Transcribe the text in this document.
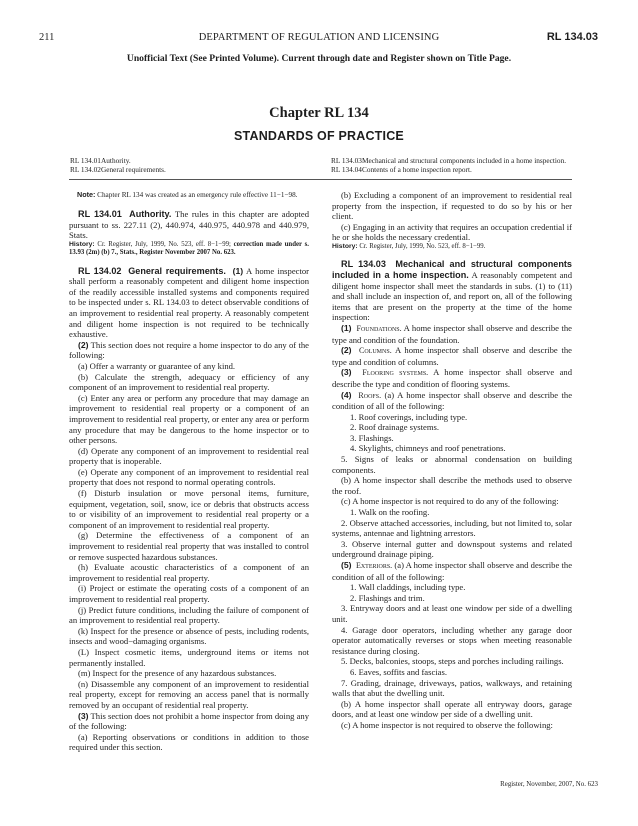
211	DEPARTMENT OF REGULATION AND LICENSING	RL 134.03
Unofficial Text (See Printed Volume). Current through date and Register shown on Title Page.
Chapter RL 134
STANDARDS OF PRACTICE
RL 134.01Authority.
RL 134.02General requirements.
RL 134.03Mechanical and structural components included in a home inspection.
RL 134.04Contents of a home inspection report.

Note: Chapter RL 134 was created as an emergency rule effective 11−1−98.

RL 134.01 Authority. The rules in this chapter are adopted pursuant to ss. 227.11 (2), 440.974, 440.975, 440.978 and 440.979, Stats.

History: Cr. Register, July, 1999, No. 523, eff. 8−1−99; correction made under s. 13.93 (2m) (b) 7., Stats., Register November 2007 No. 623.

RL 134.02 General requirements. (1) A home inspector shall perform a reasonably competent and diligent home inspection of the readily accessible installed systems and components required to be inspected under s. RL 134.03 to detect observable conditions of an improvement to residential real property. A reasonably competent and diligent home inspection is not required to be technically exhaustive.

(2) This section does not require a home inspector to do any of the following:

(a) Offer a warranty or guarantee of any kind.

(b) Calculate the strength, adequacy or efficiency of any component of an improvement to residential real property.

(c) Enter any area or perform any procedure that may damage an improvement to residential real property or a component of an improvement to residential real property, or enter any area or perform any procedure that may be dangerous to the home inspector or to other persons.

(d) Operate any component of an improvement to residential real property that is inoperable.

(e) Operate any component of an improvement to residential real property that does not respond to normal operating controls.

(f) Disturb insulation or move personal items, furniture, equipment, vegetation, soil, snow, ice or debris that obstructs access to or visibility of an improvement to residential real property or a component of an improvement to residential real property.

(g) Determine the effectiveness of a component of an improvement to residential real property that was installed to control or remove suspected hazardous substances.

(h) Evaluate acoustic characteristics of a component of an improvement to residential real property.

(i) Project or estimate the operating costs of a component of an improvement to residential real property.

(j) Predict future conditions, including the failure of component of an improvement to residential real property.

(k) Inspect for the presence or absence of pests, including rodents, insects and wood−damaging organisms.

(L) Inspect cosmetic items, underground items or items not permanently installed.

(m) Inspect for the presence of any hazardous substances.

(n) Disassemble any component of an improvement to residential real property, except for removing an access panel that is normally removed by an occupant of residential real property.

(3) This section does not prohibit a home inspector from doing any of the following:

(a) Reporting observations or conditions in addition to those required under this section.

(b) Excluding a component of an improvement to residential real property from the inspection, if requested to do so by his or her client.

(c) Engaging in an activity that requires an occupation credential if he or she holds the necessary credential.

History: Cr. Register, July, 1999, No. 523, eff. 8−1−99.

RL 134.03 Mechanical and structural components included in a home inspection. A reasonably competent and diligent home inspector shall meet the standards in subs. (1) to (11) and shall include an inspection of, and report on, all of the following items that are present on the property at the time of the home inspection:

(1) Foundations. A home inspector shall observe and describe the type and condition of the foundation.

(2) Columns. A home inspector shall observe and describe the type and condition of columns.

(3) Flooring systems. A home inspector shall observe and describe the type and condition of flooring systems.

(4) Roofs. (a) A home inspector shall observe and describe the condition of all of the following:

1. Roof coverings, including type.

2. Roof drainage systems.

3. Flashings.

4. Skylights, chimneys and roof penetrations.

5. Signs of leaks or abnormal condensation on building components.

(b) A home inspector shall describe the methods used to observe the roof.

(c) A home inspector is not required to do any of the following:

1. Walk on the roofing.

2. Observe attached accessories, including, but not limited to, solar systems, antennae and lightning arrestors.

3. Observe internal gutter and downspout systems and related underground drainage piping.

(5) Exteriors. (a) A home inspector shall observe and describe the condition of all of the following:

1. Wall claddings, including type.

2. Flashings and trim.

3. Entryway doors and at least one window per side of a dwelling unit.

4. Garage door operators, including whether any garage door operator automatically reverses or stops when meeting reasonable resistance during closing.

5. Decks, balconies, stoops, steps and porches including railings.

6. Eaves, soffits and fascias.

7. Grading, drainage, driveways, patios, walkways, and retaining walls that abut the dwelling unit.

(b) A home inspector shall operate all entryway doors, garage doors, and at least one window per side of a dwelling unit.

(c) A home inspector is not required to observe the following:

Register, November, 2007, No. 623
